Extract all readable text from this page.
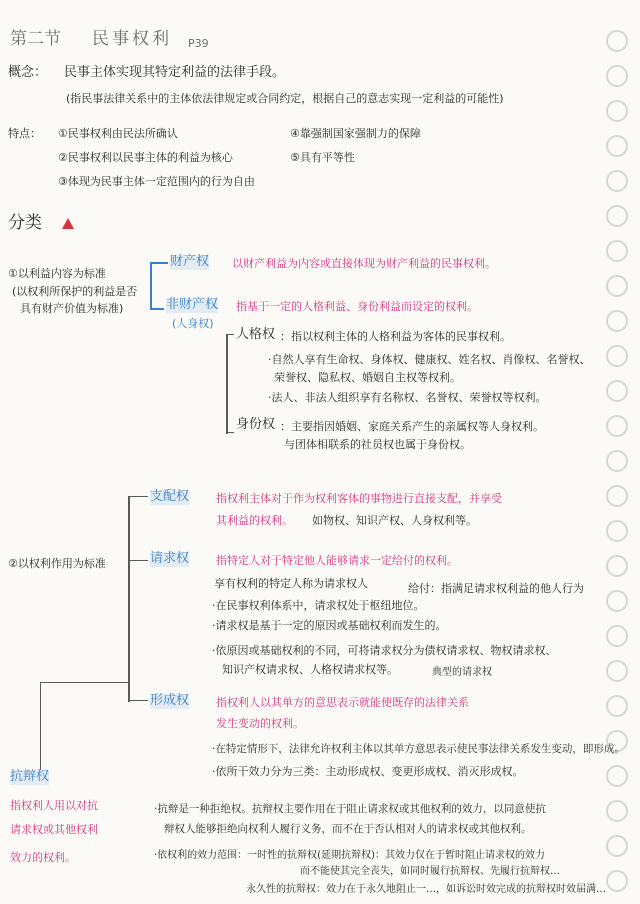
第二节 民事权利 P39
概念： 民事主体实现其特定利益的法律手段。
(指民事法律关系中的主体依法律规定或合同约定，根据自己的意志实现一定利益的可能性)
特点： ①民事权利由民法所确认
②民事权利以民事主体的利益为核心
③体现为民事主体一定范围内的行为自由
④靠强制国家强制力的保障
⑤具有平等性
分类
①以利益内容为标准
(以权利所保护的利益是否
具有财产价值为标准)
财产权 以财产利益为内容或直接体现为财产利益的民事权利。
非财产权
(人身权)
指基于一定的人格利益、身份利益而设定的权利。
人格权 ：指以权利主体的人格利益为客体的民事权利。
·自然人享有生命权、身体权、健康权、姓名权、肖像权、名誉权、
荣誉权、隐私权、婚姻自主权等权利。
·法人、非法人组织享有名称权、名誉权、荣誉权等权利。
身份权 ：主要指因婚姻、家庭关系产生的亲属权等人身权利。
与团体相联系的社员权也属于身份权。
②以权利作用为标准
支配权 指权利主体对于作为权利客体的事物进行直接支配，并享受
其利益的权利。 如物权、知识产权、人身权利等。
请求权 指特定人对于特定他人能够请求一定给付的权利。
享有权利的特定人称为请求权人	给付：指满足请求权利益的他人行为
·在民事权利体系中，请求权处于枢纽地位。
·请求权是基于一定的原因或基础权利而发生的。
·依原因或基础权利的不同，可将请求权分为债权请求权、物权请求权、
知识产权请求权、人格权请求权等。	典型的请求权
形成权 指权利人以其单方的意思表示就能使既存的法律关系
发生变动的权利。
·在特定情形下，法律允许权利主体以其单方意思表示使民事法律关系发生变动，即形成。
·依所干效力分为三类：主动形成权、变更形成权、消灭形成权。
抗辩权
指权利人用以对抗
请求权或其他权利
效力的权利。
·抗辩是一种拒绝权。抗辩权主要作用在于阻止请求权或其他权利的效力，以同意使抗
辩权人能够拒绝向权利人履行义务，而不在于否认相对人的请求权或其他权利。
·依权利的效力范围：一时性的抗辩权(延期抗辩权)：其效力仅在于暂时阻止请求权的效力
而不能使其完全丧失，如同时履行抗辩权、先履行抗辩权…
永久性的抗辩权：效力在于永久地阻止一…，如诉讼时效完成的抗辩权时效届满…
